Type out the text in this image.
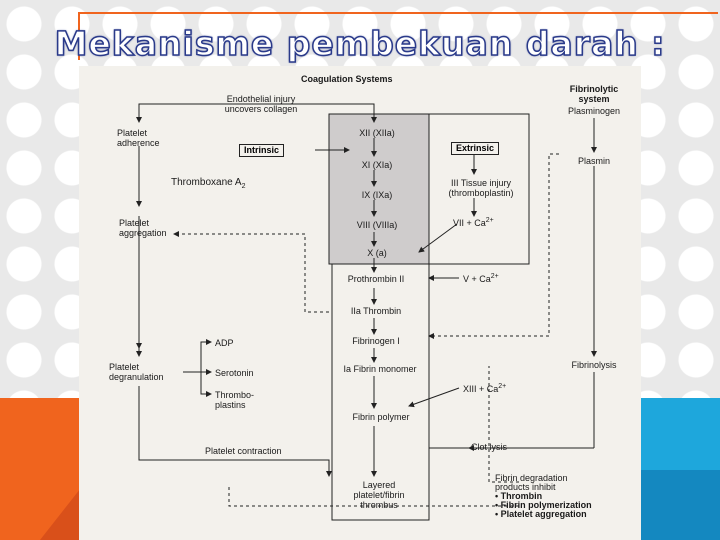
Mekanisme pembekuan darah :
Coagulation Systems
Fibrinolytic
system
Plasminogen
Plasmin
Fibrinolysis
Endothelial injury
uncovers collagen
Platelet
adherence
Thromboxane $A_2$
Platelet
aggregation
Platelet
degranulation
ADP
Serotonin
Thrombo-
plastins
Platelet contraction
Intrinsic
XII (XIIa)
XI (XIa)
IX (IXa)
VIII (VIIIa)
X (a)
Extrinsic
III Tissue injury
(thromboplastin)
VII + $Ca^{2+}$
Prothrombin II	$V + Ca^{2+}$
IIa Thrombin
Fibrinogen I
Ia Fibrin monomer
XIII + $Ca^{2+}$
Fibrin polymer
Clot lysis
Layered
platelet/fibrin
thrombus
Fibrin degradation
products inhibit
• Thrombin
• Fibrin polymerization
• Platelet aggregation
